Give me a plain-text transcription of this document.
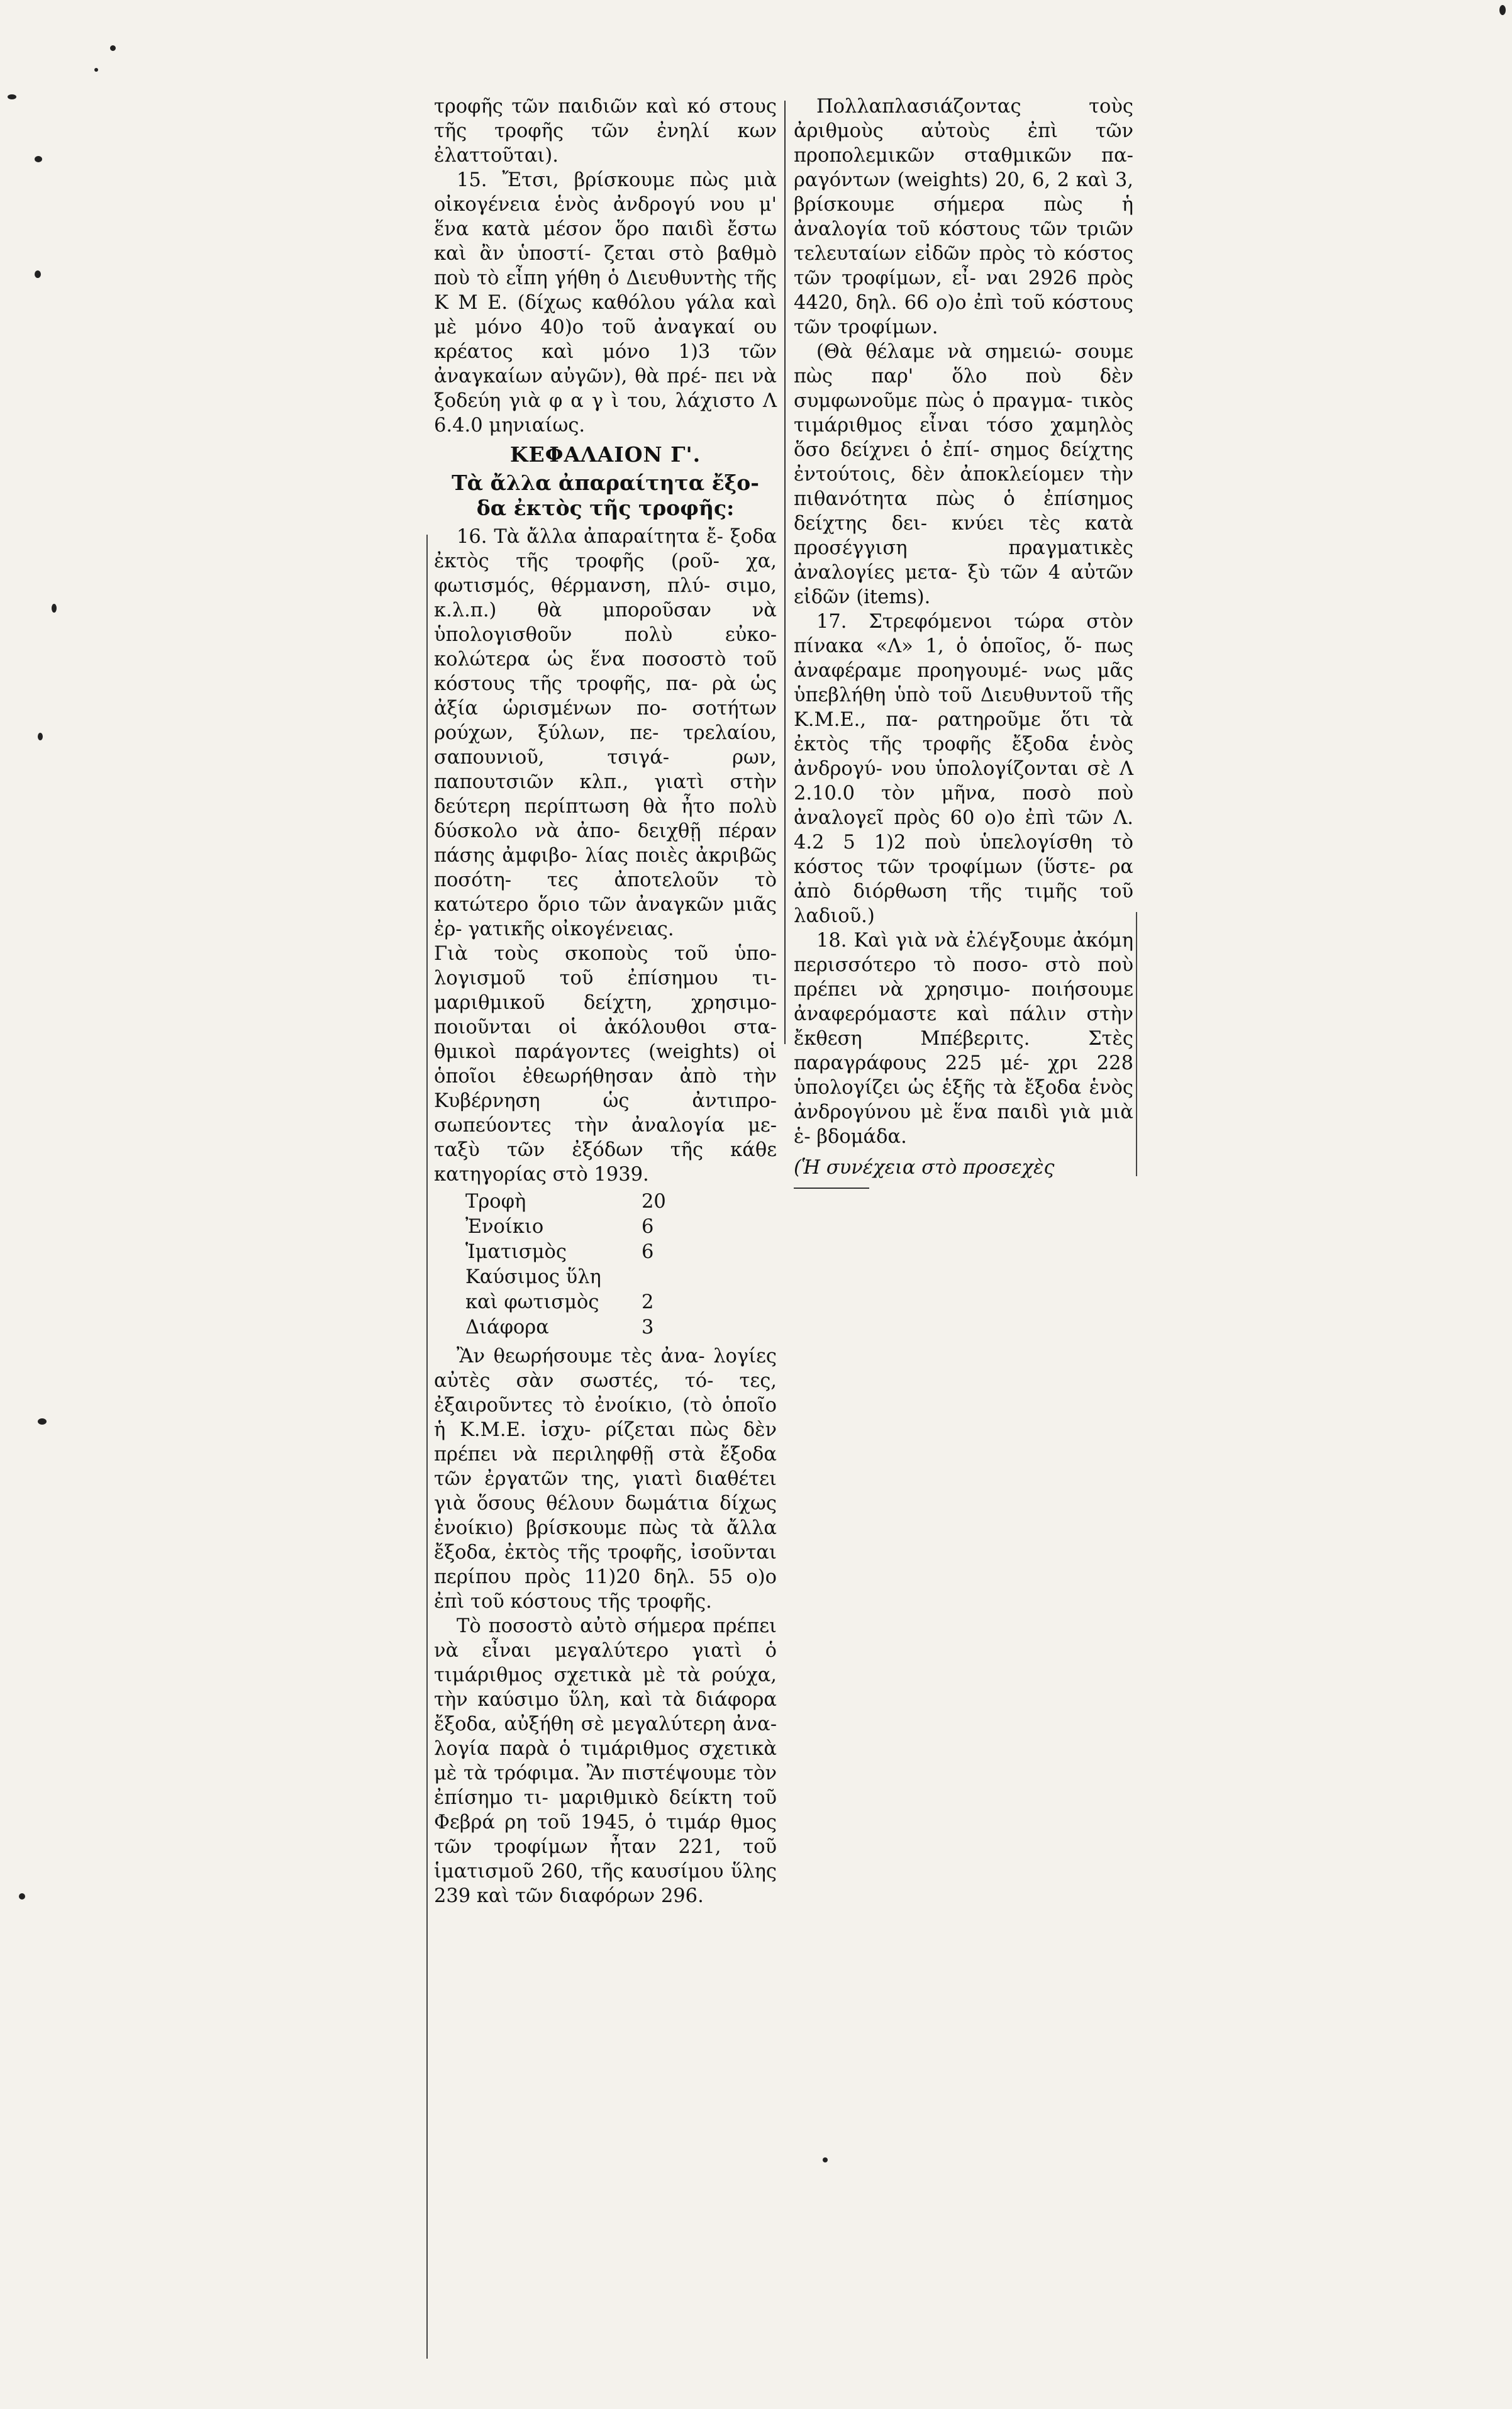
τροφῆς τῶν παιδιῶν καὶ κό στους τῆς τροφῆς τῶν ἐνηλί κων ἐλαττοῦται).

15. Ἔτσι, βρίσκουμε πὼς μιὰ οἰκογένεια ἑνὸς ἀνδρογύ νου μ' ἕνα κατὰ μέσον ὅρο παιδὶ ἔστω καὶ ἂν ὑποστί- ζεται στὸ βαθμὸ ποὺ τὸ εἶπη γήθη ὁ Διευθυντὴς τῆς Κ Μ Ε. (δίχως καθόλου γάλα καὶ μὲ μόνο 40)ο τοῦ ἀναγκαί ου κρέατος καὶ μόνο 1)3 τῶν ἀναγκαίων αὐγῶν), θὰ πρέ- πει νὰ ξοδεύη γιὰ φ α γ ὶ του, λάχιστο Λ 6.4.0 μηνιαίως.

ΚΕΦΑΛΑΙΟΝ Γ'.
Τὰ ἄλλα ἀπαραίτητα ἔξο- δα ἐκτὸς τῆς τροφῆς:

16. Τὰ ἄλλα ἀπαραίτητα ἔ- ξοδα ἐκτὸς τῆς τροφῆς (ροῦ- χα, φωτισμός, θέρμανση, πλύ- σιμο, κ.λ.π.) θὰ μποροῦσαν νὰ ὑπολογισθοῦν πολὺ εὐκο- κολώτερα ὡς ἕνα ποσοστὸ τοῦ κόστους τῆς τροφῆς, πα- ρὰ ὡς ἀξία ὡρισμένων πο- σοτήτων ρούχων, ξύλων, πε- τρελαίου, σαπουνιοῦ, τσιγά- ρων, παπουτσιῶν κλπ., γιατὶ στὴν δεύτερη περίπτωση θὰ ἦτο πολὺ δύσκολο νὰ ἀπο- δειχθῇ πέραν πάσης ἀμφιβο- λίας ποιὲς ἀκριβῶς ποσότη- τες ἀποτελοῦν τὸ κατώτερο ὅριο τῶν ἀναγκῶν μιᾶς ἐρ- γατικῆς οἰκογένειας.

Γιὰ τοὺς σκοποὺς τοῦ ὑπο- λογισμοῦ τοῦ ἐπίσημου τι- μαριθμικοῦ δείχτη, χρησιμο- ποιοῦνται οἱ ἀκόλουθοι στα- θμικοὶ παράγοντες (weights) οἱ ὁποῖοι ἐθεωρήθησαν ἀπὸ τὴν Κυβέρνηση ὡς ἀντιπρο- σωπεύοντες τὴν ἀναλογία με- ταξὺ τῶν ἐξόδων τῆς κάθε κατηγορίας στὸ 1939.

Τροφὴ	20
Ἐνοίκιο	6
Ἱματισμὸς	6
Καύσιμος ὕλη
καὶ φωτισμὸς	2
Διάφορα	3

Ἂν θεωρήσουμε τὲς ἀνα- λογίες αὐτὲς σὰν σωστές, τό- τες, ἐξαιροῦντες τὸ ἐνοίκιο, (τὸ ὁποῖο ἡ Κ.Μ.Ε. ἰσχυ- ρίζεται πὼς δὲν πρέπει νὰ περιληφθῇ στὰ ἔξοδα τῶν ἐργατῶν της, γιατὶ διαθέτει γιὰ ὅσους θέλουν δωμάτια δίχως ἐνοίκιο) βρίσκουμε πὼς τὰ ἄλλα ἔξοδα, ἐκτὸς τῆς τροφῆς, ἰσοῦνται περίπου πρὸς 11)20 δηλ. 55 ο)ο ἐπὶ τοῦ κόστους τῆς τροφῆς.

Τὸ ποσοστὸ αὐτὸ σήμερα πρέπει νὰ εἶναι μεγαλύτερο γιατὶ ὁ τιμάριθμος σχετικὰ μὲ τὰ ρούχα, τὴν καύσιμο ὕλη, καὶ τὰ διάφορα ἔξοδα, αὐξήθη σὲ μεγαλύτερη ἀνα- λογία παρὰ ὁ τιμάριθμος σχετικὰ μὲ τὰ τρόφιμα. Ἂν πιστέψουμε τὸν ἐπίσημο τι- μαριθμικὸ δείκτη τοῦ Φεβρά ρη τοῦ 1945, ὁ τιμάρ θμος τῶν τροφίμων ἦταν 221, τοῦ ἱματισμοῦ 260, τῆς καυσίμου ὕλης 239 καὶ τῶν διαφόρων 296.

Πολλαπλασιάζοντας τοὺς ἀριθμοὺς αὐτοὺς ἐπὶ τῶν προπολεμικῶν σταθμικῶν πα- ραγόντων (weights) 20, 6, 2 καὶ 3, βρίσκουμε σήμερα πὼς ἡ ἀναλογία τοῦ κόστους τῶν τριῶν τελευταίων εἰδῶν πρὸς τὸ κόστος τῶν τροφίμων, εἶ- ναι 2926 πρὸς 4420, δηλ. 66 ο)ο ἐπὶ τοῦ κόστους τῶν τροφίμων.

(Θὰ θέλαμε νὰ σημειώ- σουμε πὼς παρ' ὅλο ποὺ δὲν συμφωνοῦμε πὼς ὁ πραγμα- τικὸς τιμάριθμος εἶναι τόσο χαμηλὸς ὅσο δείχνει ὁ ἐπί- σημος δείχτης ἐντούτοις, δὲν ἀποκλείομεν τὴν πιθανότητα πὼς ὁ ἐπίσημος δείχτης δει- κνύει τὲς κατὰ προσέγγιση πραγματικὲς ἀναλογίες μετα- ξὺ τῶν 4 αὐτῶν εἰδῶν (items).

17. Στρεφόμενοι τώρα στὸν πίνακα «Λ» 1, ὁ ὁποῖος, ὅ- πως ἀναφέραμε προηγουμέ- νως μᾶς ὑπεβλήθη ὑπὸ τοῦ Διευθυντοῦ τῆς Κ.Μ.Ε., πα- ρατηροῦμε ὅτι τὰ ἐκτὸς τῆς τροφῆς ἔξοδα ἑνὸς ἀνδρογύ- νου ὑπολογίζονται σὲ Λ 2.10.0 τὸν μῆνα, ποσὸ ποὺ ἀναλογεῖ πρὸς 60 ο)ο ἐπὶ τῶν Λ. 4.2 5 1)2 ποὺ ὑπελογίσθη τὸ κόστος τῶν τροφίμων (ὕστε- ρα ἀπὸ διόρθωση τῆς τιμῆς τοῦ λαδιοῦ.)

18. Καὶ γιὰ νὰ ἐλέγξουμε ἀκόμη περισσότερο τὸ ποσο- στὸ ποὺ πρέπει νὰ χρησιμο- ποιήσουμε ἀναφερόμαστε καὶ πάλιν στὴν ἔκθεση Μπέβεριτς. Στὲς παραγράφους 225 μέ- χρι 228 ὑπολογίζει ὡς ἑξῆς τὰ ἔξοδα ἑνὸς ἀνδρογύνου μὲ ἕνα παιδὶ γιὰ μιὰ ἑ- βδομάδα.

(Ἡ συνέχεια στὸ προσεχὲς
